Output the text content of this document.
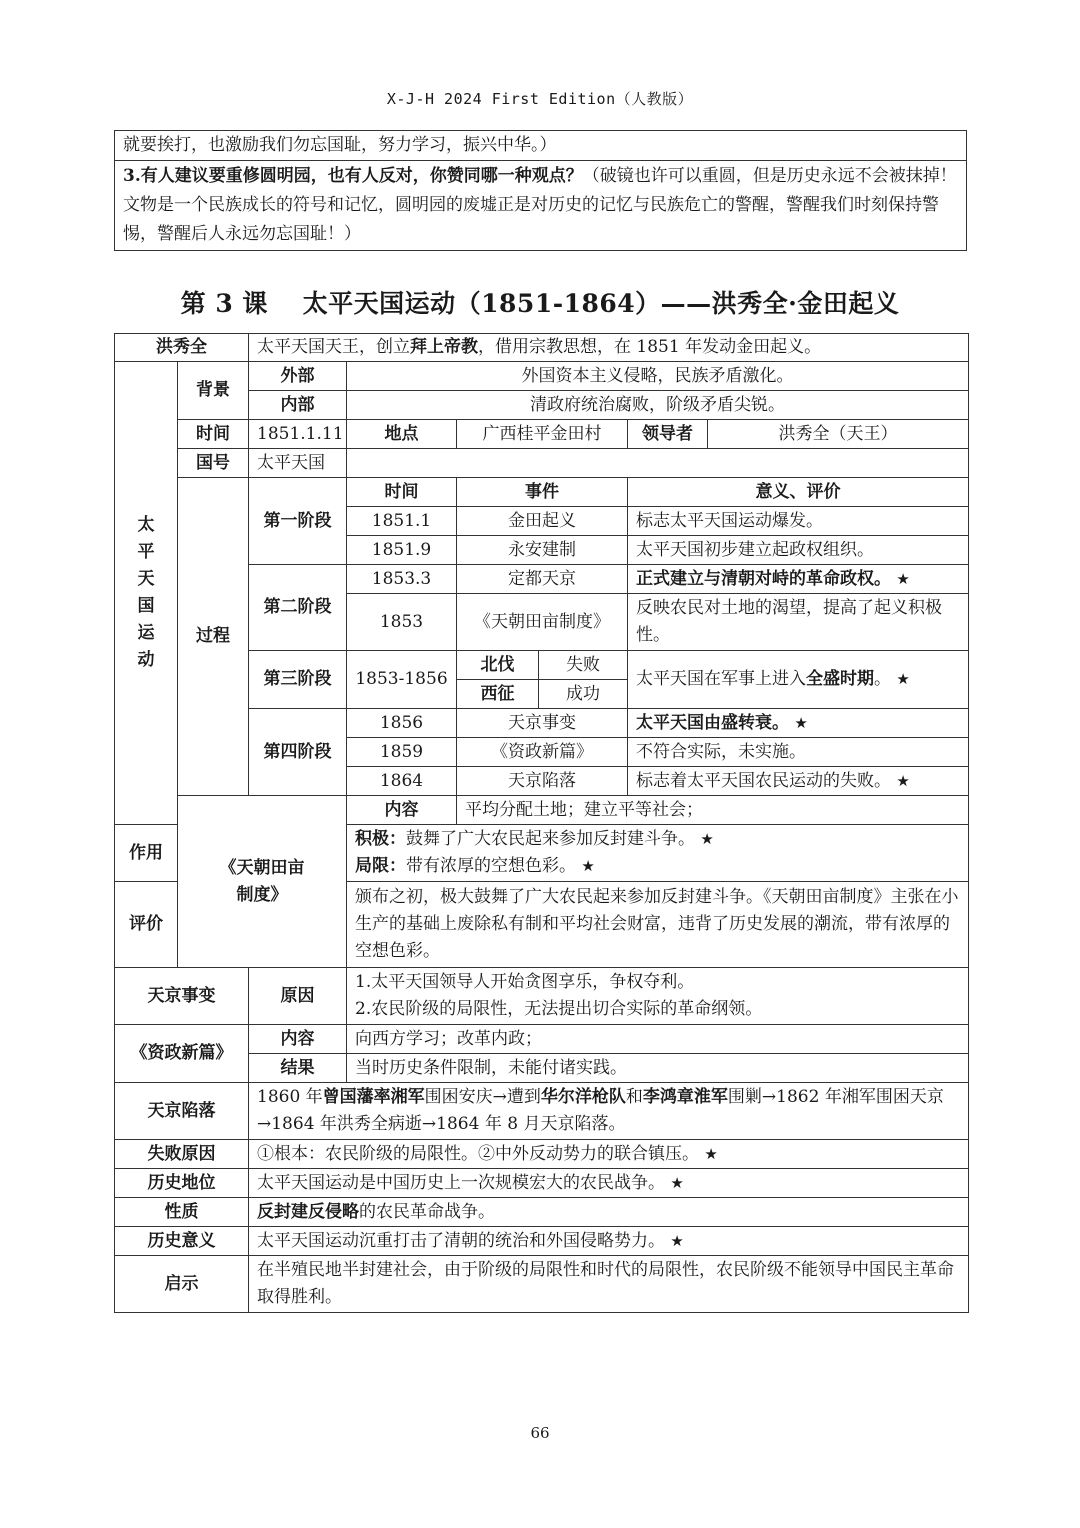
X-J-H 2024 First Edition（人教版）
就要挨打，也激励我们勿忘国耻，努力学习，振兴中华。）
3.有人建议要重修圆明园，也有人反对，你赞同哪一种观点？（破镜也许可以重圆，但是历史永远不会被抹掉！文物是一个民族成长的符号和记忆，圆明园的废墟正是对历史的记忆与民族危亡的警醒，警醒我们时刻保持警惕，警醒后人永远勿忘国耻！）
第 3 课　 太平天国运动（1851-1864）——洪秀全·金田起义
洪秀全		太平天国天王，创立拜上帝教，借用宗教思想，在 1851 年发动金田起义。					
太平天国运动	背景	外部	外国资本主义侵略，民族矛盾激化。				
		内部	清政府统治腐败，阶级矛盾尖锐。				
	时间	1851.1.11	地点	广西桂平金田村		领导者	洪秀全（天王）
	国号	太平天国					
	过程	第一阶段	时间	事件		意义、评价	
			1851.1	金田起义		标志太平天国运动爆发。	
			1851.9	永安建制		太平天国初步建立起政权组织。	
		第二阶段	1853.3	定都天京		正式建立与清朝对峙的革命政权。 ★	
			1853	《天朝田亩制度》		反映农民对土地的渴望，提高了起义积极性。	
		第三阶段	1853-1856	北伐	失败	太平天国在军事上进入全盛时期。 ★	
				西征	成功		
		第四阶段	1856	天京事变		太平天国由盛转衰。 ★	
			1859	《资政新篇》		不符合实际，未实施。	
			1864	天京陷落		标志着太平天国农民运动的失败。 ★	
	《天朝田亩制度》		内容	平均分配土地；建立平等社会；			
作用			积极：鼓舞了广大农民起来参加反封建斗争。 ★
局限：带有浓厚的空想色彩。 ★				

评价			颁布之初，极大鼓舞了广大农民起来参加反封建斗争。《天朝田亩制度》主张在小生产的基础上废除私有制和平均社会财富，违背了历史发展的潮流，带有浓厚的空想色彩。				
天京事变		原因	1.太平天国领导人开始贪图享乐，争权夺利。
2.农民阶级的局限性，无法提出切合实际的革命纲领。				

《资政新篇》		内容	向西方学习；改革内政；				
		结果	当时历史条件限制，未能付诸实践。				
天京陷落		1860 年曾国藩率湘军围困安庆→遭到华尔洋枪队和李鸿章淮军围剿→1862 年湘军围困天京→1864 年洪秀全病逝→1864 年 8 月天京陷落。					
失败原因		①根本：农民阶级的局限性。②中外反动势力的联合镇压。 ★					
历史地位		太平天国运动是中国历史上一次规模宏大的农民战争。 ★					
性质		反封建反侵略的农民革命战争。					
历史意义		太平天国运动沉重打击了清朝的统治和外国侵略势力。 ★					
启示		在半殖民地半封建社会，由于阶级的局限性和时代的局限性，农民阶级不能领导中国民主革命取得胜利。					
66
